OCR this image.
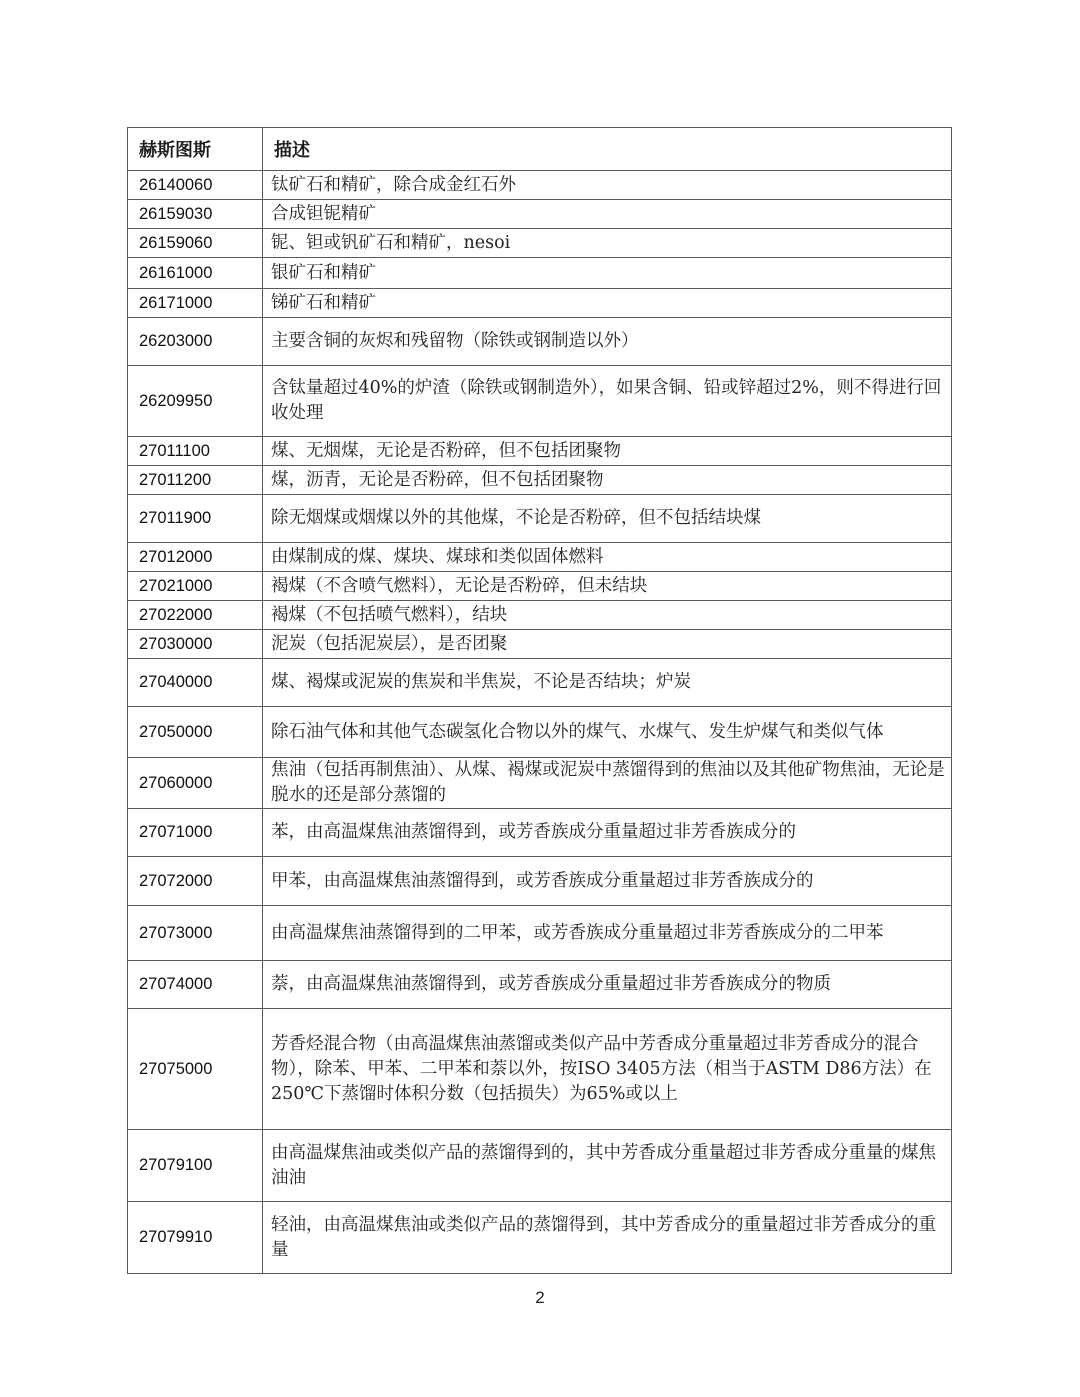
赫斯图斯	描述
26140060	钛矿石和精矿，除合成金红石外

26159030	合成钽铌精矿

26159060	铌、钽或钒矿石和精矿，nesoi

26161000	银矿石和精矿

26171000	锑矿石和精矿

26203000	主要含铜的灰烬和残留物（除铁或钢制造以外）

26209950	含钛量超过40%的炉渣（除铁或钢制造外），如果含铜、铅或锌超过2%，则不得进行回收处理

27011100	煤、无烟煤，无论是否粉碎，但不包括团聚物

27011200	煤，沥青，无论是否粉碎，但不包括团聚物

27011900	除无烟煤或烟煤以外的其他煤，不论是否粉碎，但不包括结块煤

27012000	由煤制成的煤、煤块、煤球和类似固体燃料

27021000	褐煤（不含喷气燃料），无论是否粉碎，但未结块

27022000	褐煤（不包括喷气燃料），结块

27030000	泥炭（包括泥炭层），是否团聚

27040000	煤、褐煤或泥炭的焦炭和半焦炭，不论是否结块；炉炭

27050000	除石油气体和其他气态碳氢化合物以外的煤气、水煤气、发生炉煤气和类似气体

27060000	焦油（包括再制焦油）、从煤、褐煤或泥炭中蒸馏得到的焦油以及其他矿物焦油，无论是脱水的还是部分蒸馏的

27071000	苯，由高温煤焦油蒸馏得到，或芳香族成分重量超过非芳香族成分的

27072000	甲苯，由高温煤焦油蒸馏得到，或芳香族成分重量超过非芳香族成分的

27073000	由高温煤焦油蒸馏得到的二甲苯，或芳香族成分重量超过非芳香族成分的二甲苯

27074000	萘，由高温煤焦油蒸馏得到，或芳香族成分重量超过非芳香族成分的物质

27075000	芳香烃混合物（由高温煤焦油蒸馏或类似产品中芳香成分重量超过非芳香成分的混合物），除苯、甲苯、二甲苯和萘以外，按ISO 3405方法（相当于ASTM D86方法）在250℃下蒸馏时体积分数（包括损失）为65%或以上

27079100	由高温煤焦油或类似产品的蒸馏得到的，其中芳香成分重量超过非芳香成分重量的煤焦油油

27079910	轻油，由高温煤焦油或类似产品的蒸馏得到，其中芳香成分的重量超过非芳香成分的重量
2
